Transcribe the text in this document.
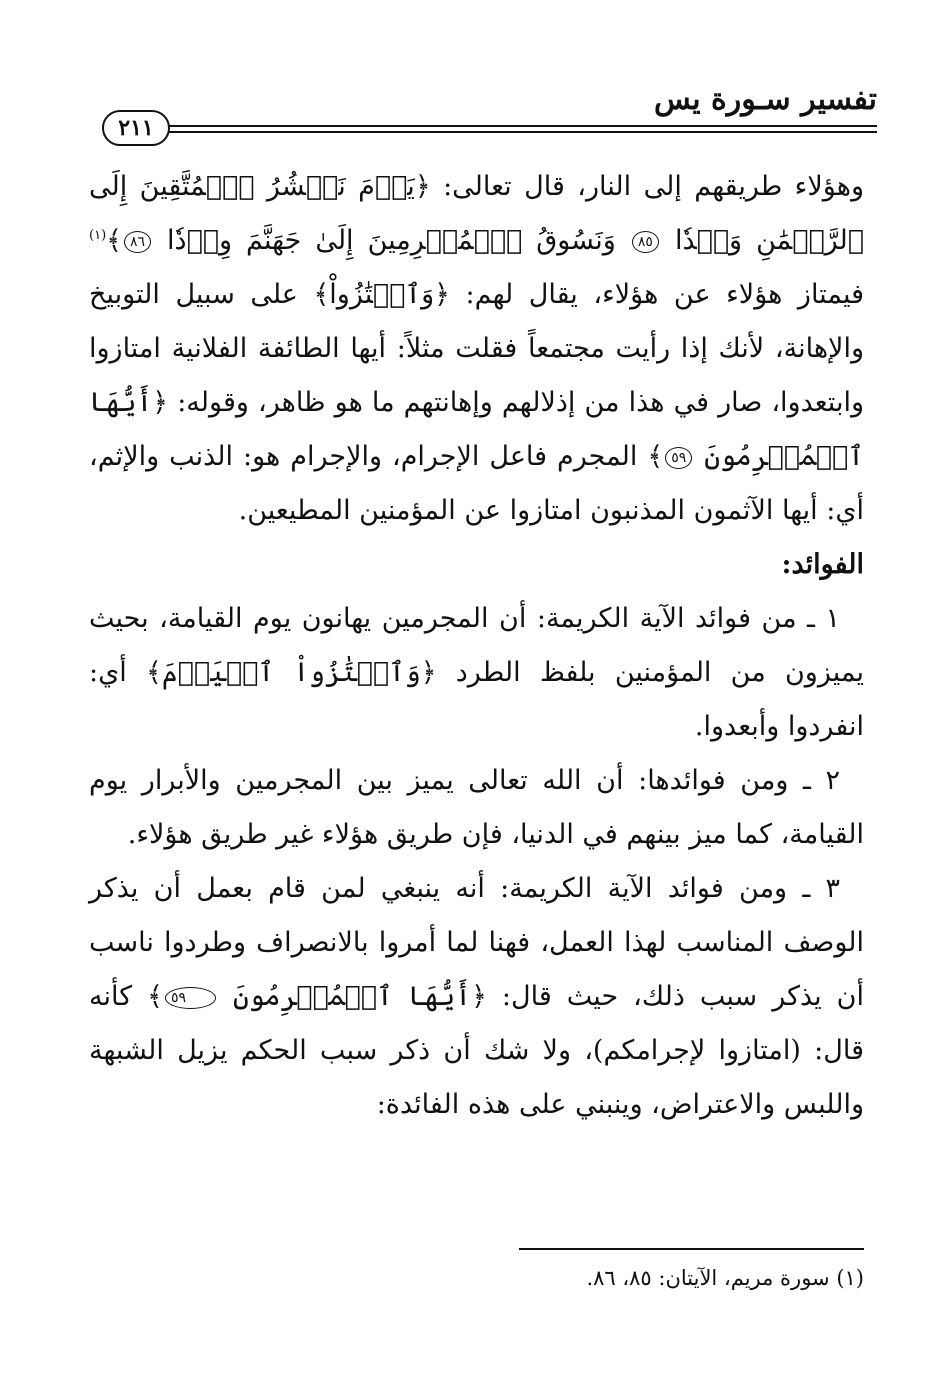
تفسير سـورة يس
٢١١

وهؤلاء طريقهم إلى النار، قال تعالى: ﴿يَوۡمَ نَحۡشُرُ ٱلۡمُتَّقِينَ إِلَى ٱلرَّحۡمَٰنِ وَفۡدٗا ٨٥ وَنَسُوقُ ٱلۡمُجۡرِمِينَ إِلَىٰ جَهَنَّمَ وِرۡدٗا ٨٦﴾$^{(١)}$ فيمتاز هؤلاء عن هؤلاء، يقال لهم: ﴿وَٱمۡتَٰزُواْ﴾ على سبيل التوبيخ والإهانة، لأنك إذا رأيت مجتمعاً فقلت مثلاً: أيها الطائفة الفلانية امتازوا وابتعدوا، صار في هذا من إذلالهم وإهانتهم ما هو ظاهر، وقوله: ﴿أَيُّهَا ٱلۡمُجۡرِمُونَ ٥٩﴾ المجرم فاعل الإجرام، والإجرام هو: الذنب والإثم، أي: أيها الآثمون المذنبون امتازوا عن المؤمنين المطيعين.

الفوائد:

١ ـ من فوائد الآية الكريمة: أن المجرمين يهانون يوم القيامة، بحيث يميزون من المؤمنين بلفظ الطرد ﴿وَٱمۡتَٰزُواْ ٱلۡيَوۡمَ﴾ أي: انفردوا وأبعدوا.

٢ ـ ومن فوائدها: أن الله تعالى يميز بين المجرمين والأبرار يوم القيامة، كما ميز بينهم في الدنيا، فإن طريق هؤلاء غير طريق هؤلاء.

٣ ـ ومن فوائد الآية الكريمة: أنه ينبغي لمن قام بعمل أن يذكر الوصف المناسب لهذا العمل، فهنا لما أمروا بالانصراف وطردوا ناسب أن يذكر سبب ذلك، حيث قال: ﴿أَيُّهَا ٱلۡمُجۡرِمُونَ ٥٩﴾ كأنه قال: (امتازوا لإجرامكم)، ولا شك أن ذكر سبب الحكم يزيل الشبهة واللبس والاعتراض، وينبني على هذه الفائدة:

(١) سورة مريم، الآيتان: ٨٥، ٨٦.
